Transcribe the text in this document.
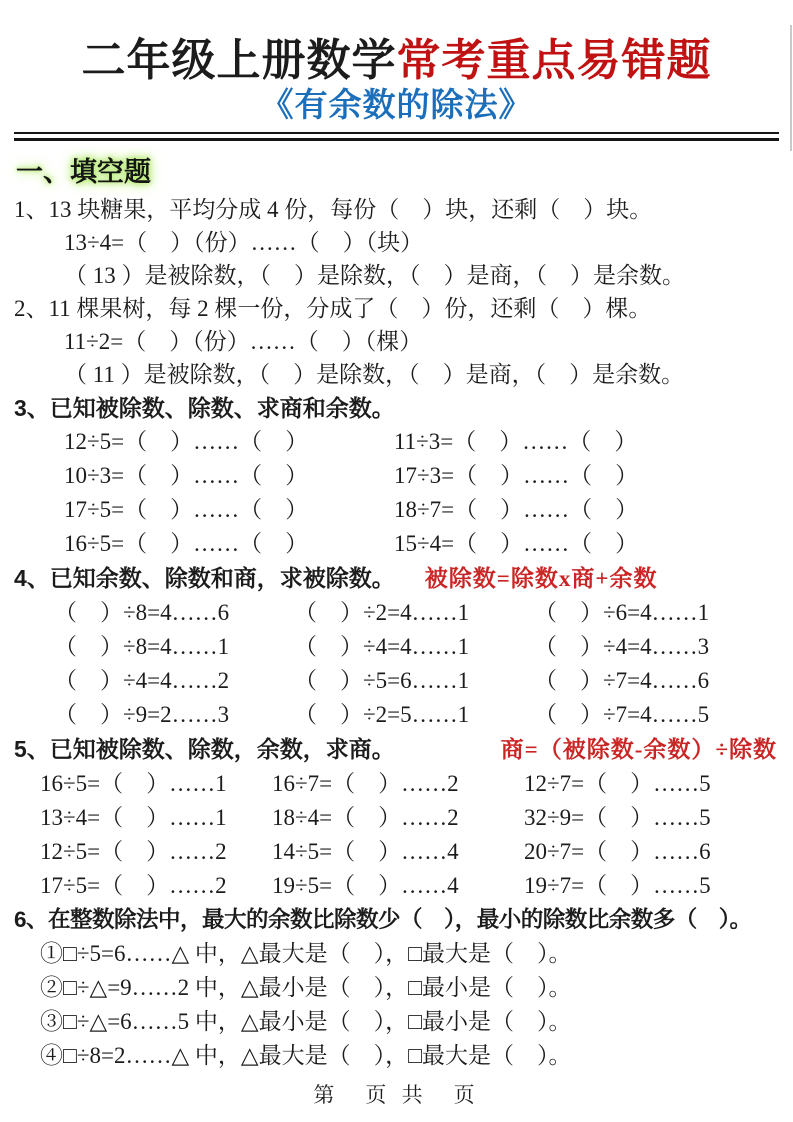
二年级上册数学常考重点易错题
《有余数的除法》
一、填空题
1、13 块糖果，平均分成 4 份，每份（　）块，还剩（　）块。
13÷4=（　）（份）……（　）（块）
（ 13 ）是被除数，（　）是除数，（　）是商，（　）是余数。
2、11 棵果树，每 2 棵一份，分成了（　）份，还剩（　）棵。
11÷2=（　）（份）……（　）（棵）
（ 11 ）是被除数，（　）是除数，（　）是商，（　）是余数。
3、已知被除数、除数、求商和余数。
12÷5=（　）……（　）	11÷3=（　）……（　）
10÷3=（　）……（　）	17÷3=（　）……（　）
17÷5=（　）……（　）	18÷7=（　）……（　）
16÷5=（　）……（　）	15÷4=（　）……（　）
4、已知余数、除数和商，求被除数。 被除数=除数x商+余数
（　）÷8=4……6	（　）÷2=4……1	（　）÷6=4……1
（　）÷8=4……1	（　）÷4=4……1	（　）÷4=4……3
（　）÷4=4……2	（　）÷5=6……1	（　）÷7=4……6
（　）÷9=2……3	（　）÷2=5……1	（　）÷7=4……5
5、已知被除数、除数，余数，求商。	商=（被除数-余数）÷除数
16÷5=（　）……1	16÷7=（　）……2	12÷7=（　）……5
13÷4=（　）……1	18÷4=（　）……2	32÷9=（　）……5
12÷5=（　）……2	14÷5=（　）……4	20÷7=（　）……6
17÷5=（　）……2	19÷5=（　）……4	19÷7=（　）……5
6、在整数除法中，最大的余数比除数少（　），最小的除数比余数多（　）。
①□÷5=6……△ 中，△最大是（　），□最大是（　）。
②□÷△=9……2 中，△最小是（　），□最小是（　）。
③□÷△=6……5 中，△最小是（　），□最小是（　）。
④□÷8=2……△ 中，△最大是（　），□最大是（　）。
第　页 共　页
